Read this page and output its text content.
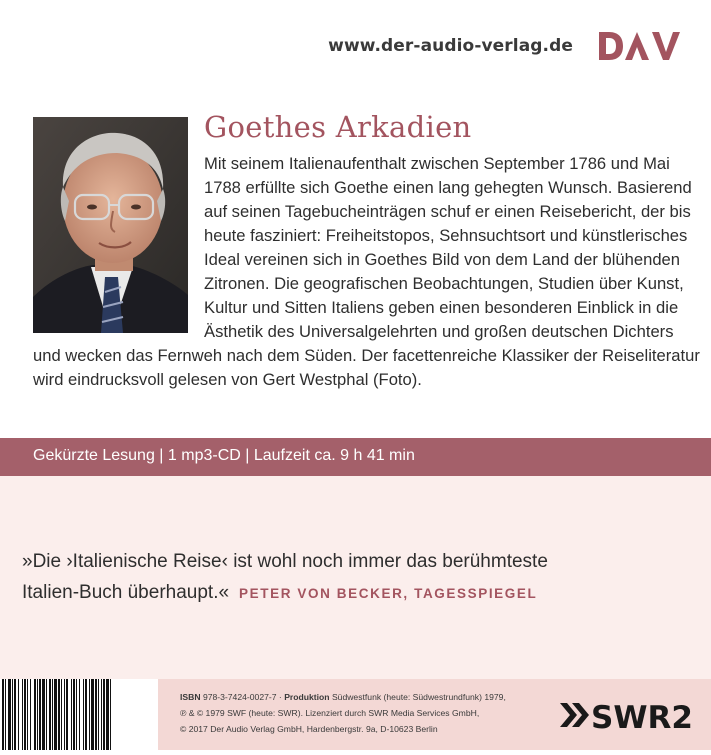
www.der-audio-verlag.de
Goethes Arkadien
Mit seinem Italienaufenthalt zwischen September 1786 und Mai
1788 erfüllte sich Goethe einen lang gehegten Wunsch. Basierend
auf seinen Tagebucheinträgen schuf er einen Reisebericht, der bis
heute fasziniert: Freiheitstopos, Sehnsuchtsort und künstlerisches
Ideal vereinen sich in Goethes Bild von dem Land der blühenden
Zitronen. Die geografischen Beobachtungen, Studien über Kunst,
Kultur und Sitten Italiens geben einen besonderen Einblick in die
Ästhetik des Universalgelehrten und großen deutschen Dichters
und wecken das Fernweh nach dem Süden. Der facettenreiche Klassiker der Reiseliteratur
wird eindrucksvoll gelesen von Gert Westphal (Foto).
Gekürzte Lesung | 1 mp3-CD | Laufzeit ca. 9 h 41 min
»Die ›Italienische Reise‹ ist wohl noch immer das berühmteste
Italien-Buch überhaupt.« PETER VON BECKER, TAGESSPIEGEL
ISBN 978-3-7424-0027-7 · Produktion Südwestfunk (heute: Südwestrundfunk) 1979,
℗ & © 1979 SWF (heute: SWR). Lizenziert durch SWR Media Services GmbH,
© 2017 Der Audio Verlag GmbH, Hardenbergstr. 9a, D-10623 Berlin	SWR2
